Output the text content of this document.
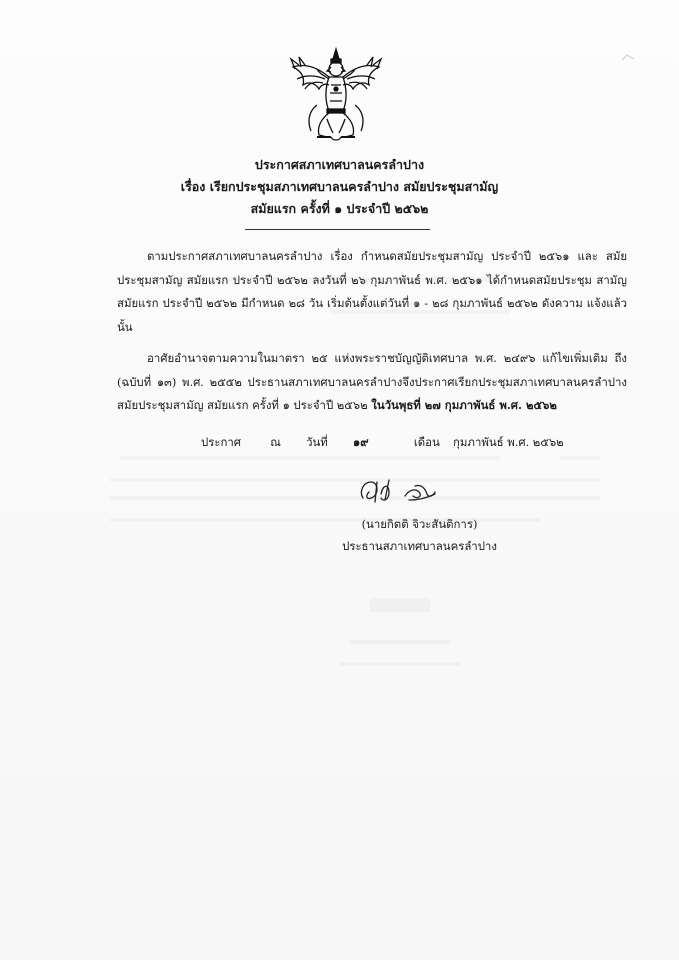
ประกาศสภาเทศบาลนครลำปาง
เรื่อง เรียกประชุมสภาเทศบาลนครลำปาง สมัยประชุมสามัญ
สมัยแรก ครั้งที่ ๑ ประจำปี ๒๕๖๒
ตามประกาศสภาเทศบาลนครลำปาง เรื่อง กำหนดสมัยประชุมสามัญ ประจำปี ๒๕๖๑ และ สมัยประชุมสามัญ สมัยแรก ประจำปี ๒๕๖๒ ลงวันที่ ๒๖ กุมภาพันธ์ พ.ศ. ๒๕๖๑ ได้กำหนดสมัยประชุม สามัญ สมัยแรก ประจำปี ๒๕๖๒ มีกำหนด ๒๘ วัน เริ่มต้นตั้งแต่วันที่ ๑ - ๒๘ กุมภาพันธ์ ๒๕๖๒ ดังความ แจ้งแล้วนั้น
อาศัยอำนาจตามความในมาตรา ๒๕ แห่งพระราชบัญญัติเทศบาล พ.ศ. ๒๔๙๖ แก้ไขเพิ่มเติม ถึง (ฉบับที่ ๑๓) พ.ศ. ๒๕๕๒ ประธานสภาเทศบาลนครลำปางจึงประกาศเรียกประชุมสภาเทศบาลนครลำปาง สมัยประชุมสามัญ สมัยแรก ครั้งที่ ๑ ประจำปี ๒๕๖๒ ในวันพุธที่ ๒๗ กุมภาพันธ์ พ.ศ. ๒๕๖๒
ประกาศ	ณ วันที่ ๑๙	เดือน กุมภาพันธ์ พ.ศ. ๒๕๖๒
(นายกิตติ จิวะสันติการ)
ประธานสภาเทศบาลนครลำปาง
